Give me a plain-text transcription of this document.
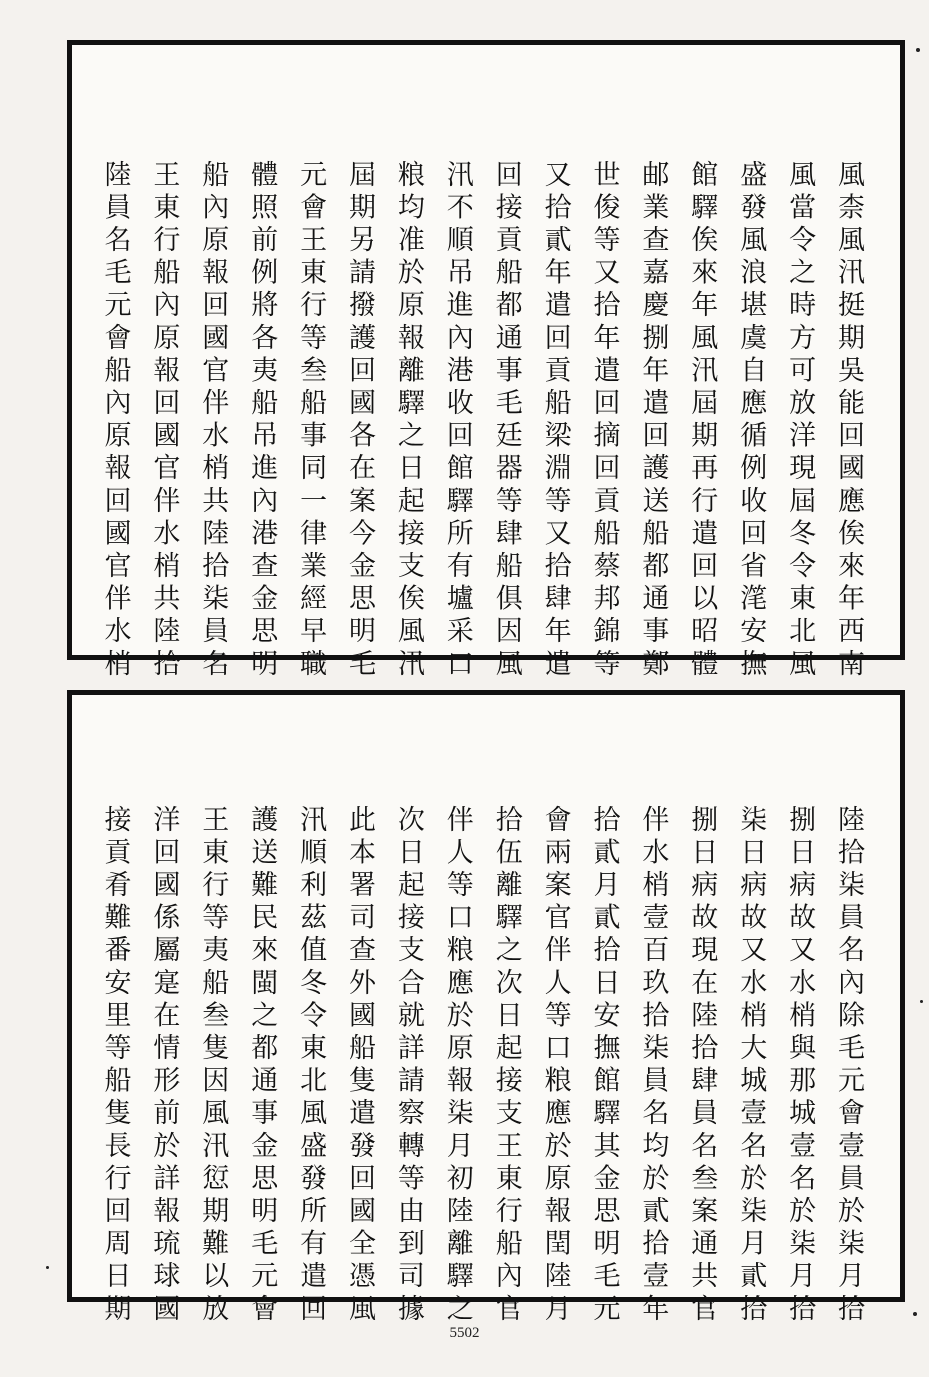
風柰風汛挺期吳能回國應俟來年西南
風當令之時方可放洋現屆冬令東北風
盛發風浪堪虞自應循例收回省滗安撫
館驛俟來年風汛屆期再行遣回以昭體
邮業查嘉慶捌年遣回護送船都通事鄭
世俊等又拾年遣回摘回貢船蔡邦錦等
又拾貳年遣回貢船梁淵等又拾肆年遣
回接貢船都通事毛廷器等肆船俱因風
汛不順吊進內港收回館驛所有壚采口
粮均准於原報離驛之日起接支俟風汛
屆期另請撥護回國各在案今金思明毛
元會王東行等叁船事同一律業經早職
體照前例將各夷船吊進內港查金思明
船內原報回國官伴水梢共陸拾柒員名
王東行船內原報回國官伴水梢共陸拾
陸員名毛元會船內原報回國官伴水梢
陸拾柒員名內除毛元會壹員於柒月拾
捌日病故又水梢與那城壹名於柒月拾
柒日病故又水梢大城壹名於柒月貳拾
捌日病故現在陸拾肆員名叁案通共官
伴水梢壹百玖拾柒員名均於貳拾壹年
拾貳月貳拾日安撫館驛其金思明毛元
會兩案官伴人等口粮應於原報閏陸月
拾伍離驛之次日起接支王東行船內官
伴人等口粮應於原報柒月初陸離驛之
次日起接支合就詳請察轉等由到司據
此本署司查外國船隻遣發回國全憑風
汛順利茲值冬令東北風盛發所有遣回
護送難民來閩之都通事金思明毛元會
王東行等夷船叁隻因風汛愆期難以放
洋回國係屬寔在情形前於詳報琉球國
接貢肴難番安里等船隻長行回周日期
5502
